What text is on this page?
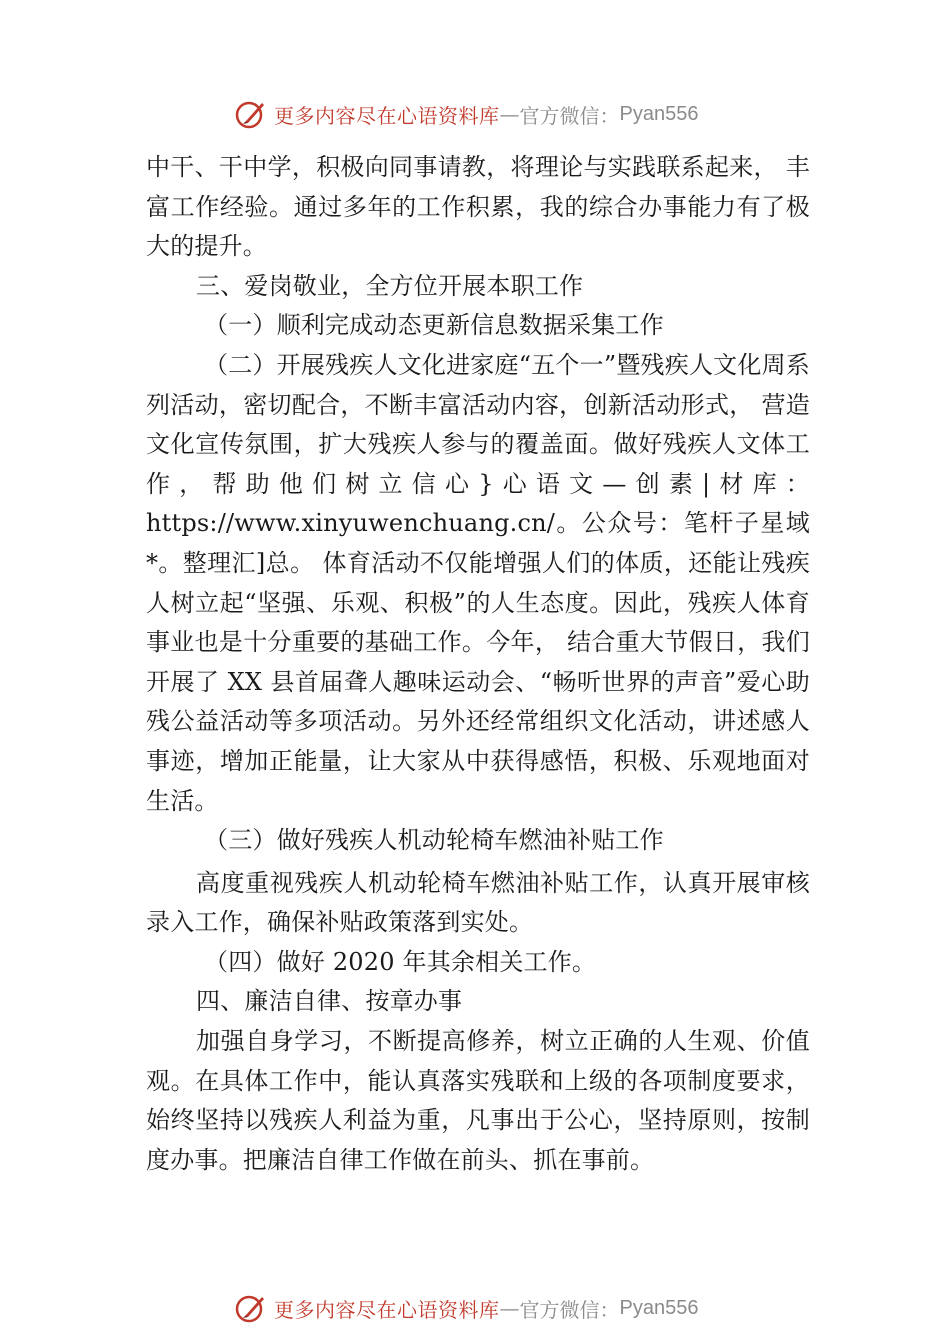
更多内容尽在心语资料库 — 官方微信： Pyan556

中干、干中学，积极向同事请教，将理论与实践联系起来， 丰富工作经验。通过多年的工作积累，我的综合办事能力有了极大的提升。

三、爱岗敬业，全方位开展本职工作

（一）顺利完成动态更新信息数据采集工作

（二）开展残疾人文化进家庭“五个一”暨残疾人文化周系列活动，密切配合，不断丰富活动内容，创新活动形式， 营造文化宣传氛围，扩大残疾人参与的覆盖面。做好残疾人文体工作，帮助他们树立信心}心语文—创素|材库：https://www.xinyuwenchuang.cn/。公众号：笔杆子星域*。整理汇]总。 体育活动不仅能增强人们的体质，还能让残疾人树立起“坚强、乐观、积极”的人生态度。因此，残疾人体育事业也是十分重要的基础工作。今年， 结合重大节假日，我们开展了 XX 县首届聋人趣味运动会、“畅听世界的声音”爱心助残公益活动等多项活动。另外还经常组织文化活动，讲述感人事迹，增加正能量，让大家从中获得感悟，积极、乐观地面对生活。

（三）做好残疾人机动轮椅车燃油补贴工作

高度重视残疾人机动轮椅车燃油补贴工作，认真开展审核录入工作，确保补贴政策落到实处。

（四）做好 2020 年其余相关工作。

四、廉洁自律、按章办事

加强自身学习，不断提高修养，树立正确的人生观、价值观。在具体工作中，能认真落实残联和上级的各项制度要求，始终坚持以残疾人利益为重，凡事出于公心，坚持原则，按制度办事。把廉洁自律工作做在前头、抓在事前。

更多内容尽在心语资料库 — 官方微信： Pyan556
